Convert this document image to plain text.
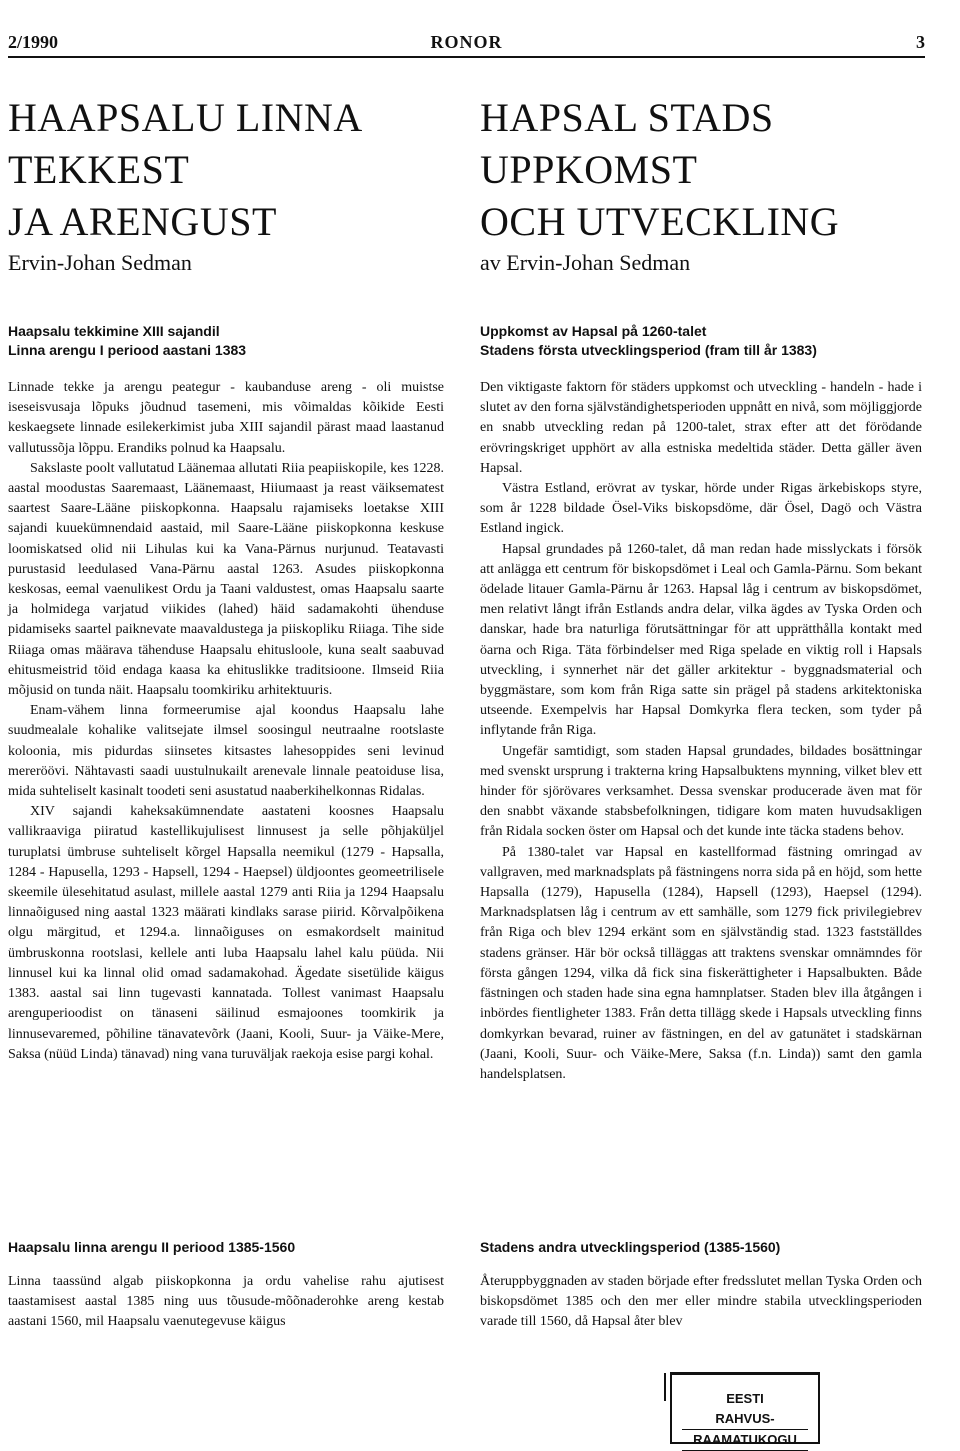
2/1990	RONOR	3
HAAPSALU LINNA
TEKKEST
JA ARENGUST
Ervin-Johan Sedman
Haapsalu tekkimine XIII sajandil
Linna arengu I periood aastani 1383

Linnade tekke ja arengu peategur - kaubanduse areng - oli muistse iseseisvusaja lõpuks jõudnud tasemeni, mis võimaldas kõikide Eesti keskaegsete linnade esilekerkimist juba XIII sajandil pärast maad laastanud vallutussõja lõppu. Erandiks polnud ka Haapsalu.

Sakslaste poolt vallutatud Läänemaa allutati Riia peapiiskopile, kes 1228. aastal moodustas Saaremaast, Läänemaast, Hiiumaast ja reast väiksematest saartest Saare-Lääne piiskopkonna. Haapsalu rajamiseks loetakse XIII sajandi kuuekümnendaid aastaid, mil Saare-Lääne piiskopkonna keskuse loomiskatsed olid nii Lihulas kui ka Vana-Pärnus nurjunud. Teatavasti purustasid leedulased Vana-Pärnu aastal 1263. Asudes piiskopkonna keskosas, eemal vaenulikest Ordu ja Taani valdustest, omas Haapsalu saarte ja holmidega varjatud viikides (lahed) häid sadamakohti ühenduse pidamiseks saartel paiknevate maavaldustega ja piiskopliku Riiaga. Tihe side Riiaga omas määrava tähenduse Haapsalu ehitusloole, kuna sealt saabuvad ehitusmeistrid töid endaga kaasa ka ehituslikke traditsioone. Ilmseid Riia mõjusid on tunda näit. Haapsalu toomkiriku arhitektuuris.

Enam-vähem linna formeerumise ajal koondus Haapsalu lahe suudmealale kohalike valitsejate ilmsel soosingul neutraalne rootslaste koloonia, mis pidurdas siinsetes kitsastes lahesoppides seni levinud mereröövi. Nähtavasti saadi uustulnukailt arenevale linnale peatoiduse lisa, mida suhteliselt kasinalt toodeti seni asustatud naaberkihelkonnas Ridalas.

XIV sajandi kaheksakümnendate aastateni koosnes Haapsalu vallikraaviga piiratud kastellikujulisest linnusest ja selle põhjaküljel turuplatsi ümbruse suhteliselt kõrgel Hapsalla neemikul (1279 - Hapsalla, 1284 - Hapusella, 1293 - Hapsell, 1294 - Haepsel) üldjoontes geomeetrilisele skeemile ülesehitatud asulast, millele aastal 1279 anti Riia ja 1294 Haapsalu linnaõigused ning aastal 1323 määrati kindlaks sarase piirid. Kõrvalpõikena olgu märgitud, et 1294.a. linnaõiguses on esmakordselt mainitud ümbruskonna rootslasi, kellele anti luba Haapsalu lahel kalu püüda. Nii linnusel kui ka linnal olid omad sadamakohad. Ägedate sisetülide käigus 1383. aastal sai linn tugevasti kannatada. Tollest vanimast Haapsalu arenguperioodist on tänaseni säilinud esmajoones toomkirik ja linnusevaremed, põhiline tänavatevõrk (Jaani, Kooli, Suur- ja Väike-Mere, Saksa (nüüd Linda) tänavad) ning vana turuväljak raekoja esise pargi kohal.

Haapsalu linna arengu II periood 1385-1560

Linna taassünd algab piiskopkonna ja ordu vahelise rahu ajutisest taastamisest aastal 1385 ning uus tõusude-mõõnaderohke areng kestab aastani 1560, mil Haapsalu vaenutegevuse käigus

HAPSAL STADS
UPPKOMST
OCH UTVECKLING
av Ervin-Johan Sedman
Uppkomst av Hapsal på 1260-talet
Stadens första utvecklingsperiod (fram till år 1383)

Den viktigaste faktorn för städers uppkomst och utveckling - handeln - hade i slutet av den forna självständighetsperioden uppnått en nivå, som möjliggjorde en snabb utveckling redan på 1200-talet, strax efter att det förödande erövringskriget upphört av alla estniska medeltida städer. Detta gäller även Hapsal.

Västra Estland, erövrat av tyskar, hörde under Rigas ärkebiskops styre, som år 1228 bildade Ösel-Viks biskopsdöme, där Ösel, Dagö och Västra Estland ingick.

Hapsal grundades på 1260-talet, då man redan hade misslyckats i försök att anlägga ett centrum för biskopsdömet i Leal och Gamla-Pärnu. Som bekant ödelade litauer Gamla-Pärnu år 1263. Hapsal låg i centrum av biskopsdömet, men relativt långt ifrån Estlands andra delar, vilka ägdes av Tyska Orden och danskar, hade bra naturliga förutsättningar för att upprätthålla kontakt med öarna och Riga. Täta förbindelser med Riga spelade en viktig roll i Hapsals utveckling, i synnerhet när det gäller arkitektur - byggnadsmaterial och byggmästare, som kom från Riga satte sin prägel på stadens arkitektoniska utseende. Exempelvis har Hapsal Domkyrka flera tecken, som tyder på inflytande från Riga.

Ungefär samtidigt, som staden Hapsal grundades, bildades bosättningar med svenskt ursprung i trakterna kring Hapsalbuktens mynning, vilket blev ett hinder för sjörövares verksamhet. Dessa svenskar producerade även mat för den snabbt växande stabsbefolkningen, tidigare kom maten huvudsakligen från Ridala socken öster om Hapsal och det kunde inte täcka stadens behov.

På 1380-talet var Hapsal en kastellformad fästning omringad av vallgraven, med marknadsplats på fästningens norra sida på en höjd, som hette Hapsalla (1279), Hapusella (1284), Hapsell (1293), Haepsel (1294). Marknadsplatsen låg i centrum av ett samhälle, som 1279 fick privilegiebrev från Riga och blev 1294 erkänt som en självständig stad. 1323 fastställdes stadens gränser. Här bör också tilläggas att traktens svenskar omnämndes för första gången 1294, vilka då fick sina fiskerättigheter i Hapsalbukten. Både fästningen och staden hade sina egna hamnplatser. Staden blev illa åtgången i inbördes fientligheter 1383. Från detta tillägg skede i Hapsals utveckling finns domkyrkan bevarad, ruiner av fästningen, en del av gatunätet i stadskärnan (Jaani, Kooli, Suur- och Väike-Mere, Saksa (f.n. Linda)) samt den gamla handelsplatsen.

Stadens andra utvecklingsperiod (1385-1560)

Återuppbyggnaden av staden började efter fredsslutet mellan Tyska Orden och biskopsdömet 1385 och den mer eller mindre stabila utvecklingsperioden varade till 1560, då Hapsal åter blev

EESTI
RAHVUS-
RAAMATUKOGU
